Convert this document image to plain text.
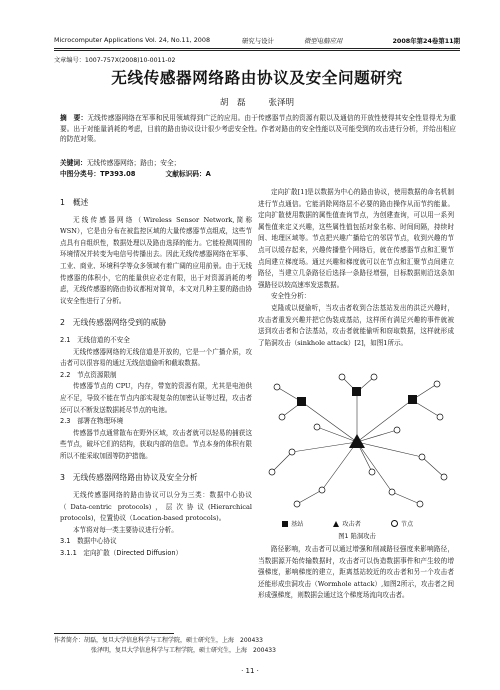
Microcomputer Applications Vol. 24, No.11, 2008	研究与设计	微型电脑应用	2008年第24卷第11期
文章编号：1007-757X(2008)10-0011-02
无线传感器网络路由协议及安全问题研究
胡　磊	张泽明
摘　要：无线传感器网络在军事和民用领域得到广泛的应用。由于传感器节点的资源有限以及通信的开放性使得其安全性显得尤为重要。出于对能量消耗的考虑，目前的路由协议设计很少考虑安全性。作者对路由的安全性能以及可能受到的攻击进行分析，并给出相应的防范对策。
关键词：无线传感器网络；路由；安全；
中图分类号：TP393.08	文献标识码：A
1　概述

无线传感器网络（Wireless Sensor Network,简称 WSN），它是由分布在被监控区域的大量传感器节点组成，这些节点具有自组织性，数据处理以及路由选择的能力。它能检测周围的环境情况并转变为电信号传播出去。因此无线传感器网络在军事、工业、商业、环境科学等众多领域有着广阔的应用前景。由于无线传感器的体积小，它的能量供应必定有限，出于对资源消耗的考虑，无线传感器的路由协议都相对简单，本文对几种主要的路由协议安全性进行了分析。

2　无线传感器网络受到的威胁
2.1　无线信道的不安全

无线传感器网络的无线信道是开放的，它是一个广播介质，攻击者可以很容易的通过无线信道偷听和截取数据。

2.2　节点资源限制

传感器节点的 CPU，内存，带宽的资源有限，尤其是电池供应不足，导致不能在节点内部实现复杂的加密认证等过程，攻击者还可以不断发送数据耗尽节点的电池。

2.3　部署在物理环境

传感器节点通常散布在野外区域，攻击者就可以轻易的捕获这些节点，破坏它们的结构，获取内部的信息。节点本身的体积有限所以不能采取加固等防护措施。

3　无线传感器网络路由协议及安全分析

无线传感器网络的路由协议可以分为三类：数据中心协议（Data-centric protocols)，层次协议(Hierarchical protocols)，位置协议（Location-based protocols)。

本节将对每一类主要协议进行分析。

3.1　数据中心协议
3.1.1　定向扩散（Directed Diffusion）

定向扩散[1]是以数据为中心的路由协议，使用数据的命名机制进行节点通信。它能消除网络层不必要的路由操作从而节约能量。定向扩散使用数据的属性值查询节点，为创建查询，可以用一系列属性值来定义兴趣，这些属性值包括对象名称、时间间隔，持续时间、地理区域等。节点把兴趣广播给它的邻居节点，收到兴趣的节点可以缓存起来，兴趣传播整个网络后，就在传感器节点和汇聚节点间建立梯度场。通过兴趣和梯度就可以在节点和汇聚节点间建立路径，当建立几条路径后选择一条路径增强，目标数据则沿这条加强路径以较高速率发送数据。

安全性分析：

克隆或以便偷听，当攻击者收到合法基站发出的洪泛兴趣时，攻击者重发兴趣并把它伪装成基站，这样所有满足兴趣的事件就被送到攻击者和合法基站，攻击者就能偷听和窃取数据，这样就形成了陷洞攻击（sinkhole attack）[2]，如图1所示。

基站	攻击者	节点
图1 陷洞攻击

路径影响，攻击者可以通过增强和削减路径强度来影响路径，当数据源开始传输数据时，攻击者可以伪造数据事件和产生较的增强梯度，影响梯度的建立，距离基站较近的攻击者和另一个攻击者还能形成虫洞攻击（Wormhole attack）,如图2所示，攻击者之间形成强梯度，则数据会通过这个梯度场流向攻击者。

作者简介：胡磊，复旦大学信息科学与工程学院，硕士研究生，上海　200433
张泽明，复旦大学信息科学与工程学院，硕士研究生，上海　200433
· 11 ·
